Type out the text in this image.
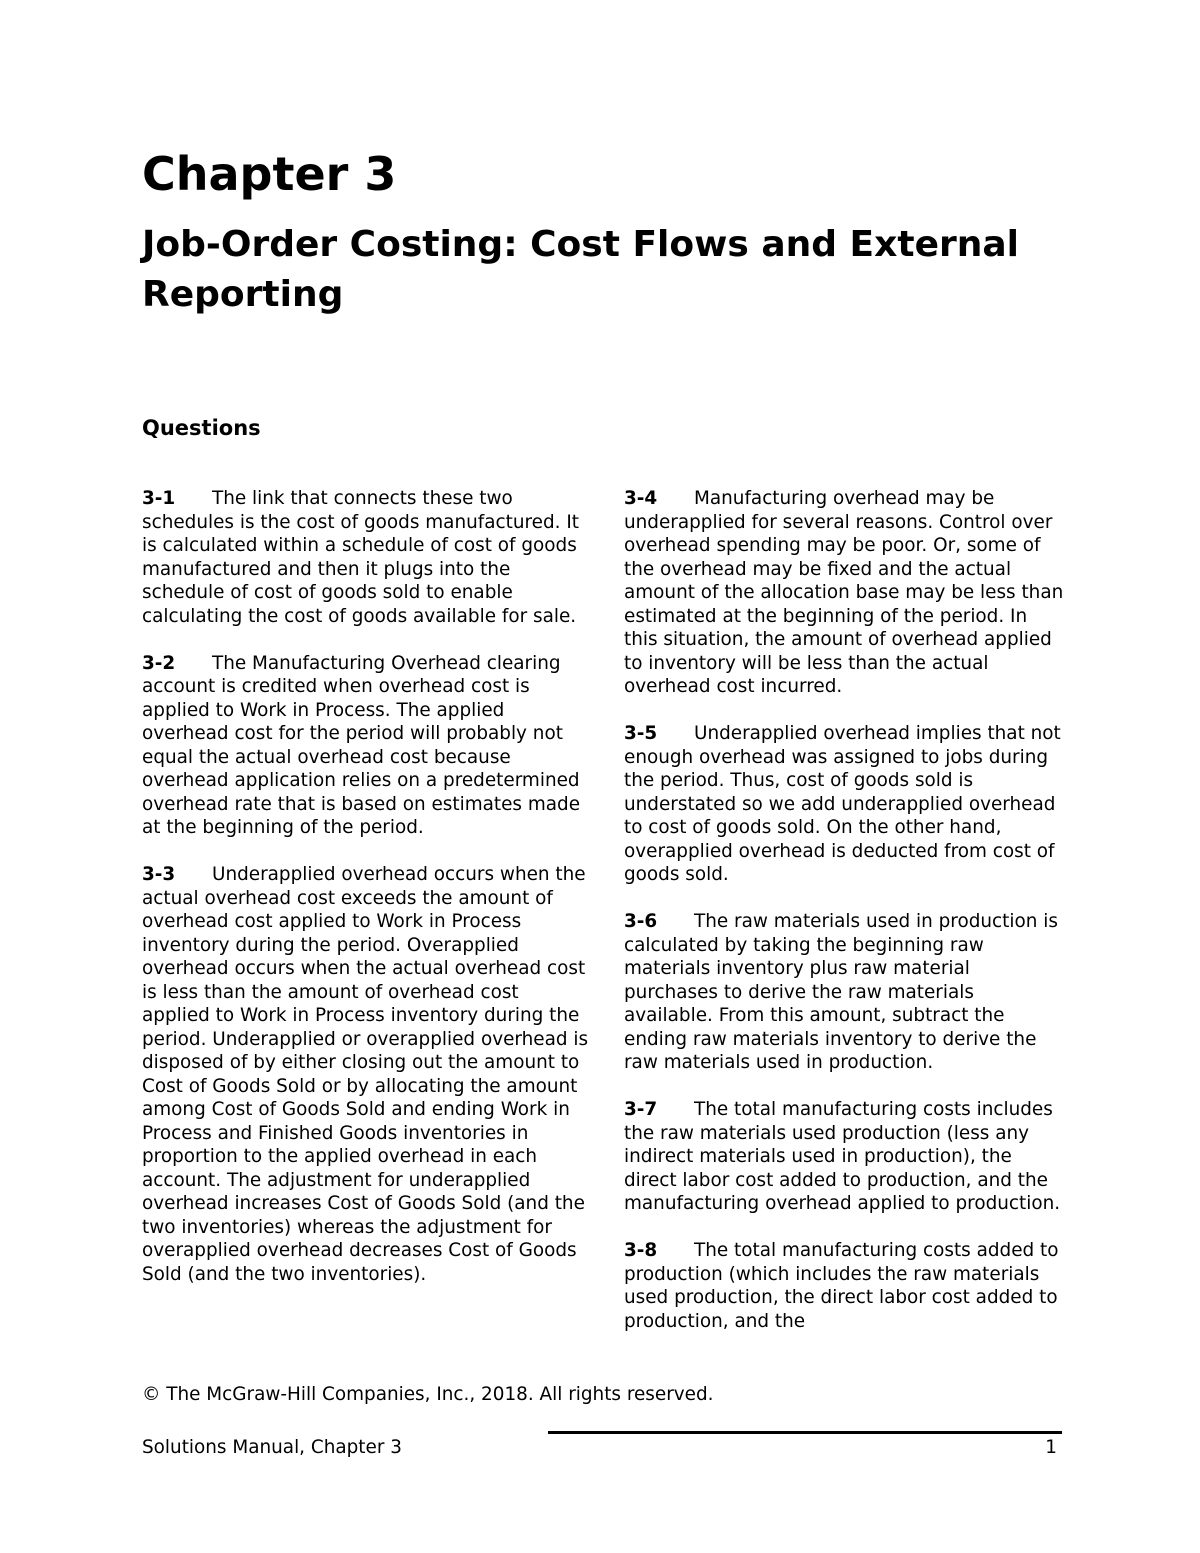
Chapter 3
Job-Order Costing: Cost Flows and External Reporting
Questions

3-1 The link that connects these two schedules is the cost of goods manufactured. It is calculated within a schedule of cost of goods manufactured and then it plugs into the schedule of cost of goods sold to enable calculating the cost of goods available for sale.

3-2 The Manufacturing Overhead clearing account is credited when overhead cost is applied to Work in Process. The applied overhead cost for the period will probably not equal the actual overhead cost because overhead application relies on a predetermined overhead rate that is based on estimates made at the beginning of the period.

3-3 Underapplied overhead occurs when the actual overhead cost exceeds the amount of overhead cost applied to Work in Process inventory during the period. Overapplied overhead occurs when the actual overhead cost is less than the amount of overhead cost applied to Work in Process inventory during the period. Underapplied or overapplied overhead is disposed of by either closing out the amount to Cost of Goods Sold or by allocating the amount among Cost of Goods Sold and ending Work in Process and Finished Goods inventories in proportion to the applied overhead in each account. The adjustment for underapplied overhead increases Cost of Goods Sold (and the two inventories) whereas the adjustment for overapplied overhead decreases Cost of Goods Sold (and the two inventories).

3-4 Manufacturing overhead may be underapplied for several reasons. Control over overhead spending may be poor. Or, some of the overhead may be fixed and the actual amount of the allocation base may be less than estimated at the beginning of the period. In this situation, the amount of overhead applied to inventory will be less than the actual overhead cost incurred.

3-5 Underapplied overhead implies that not enough overhead was assigned to jobs during the period. Thus, cost of goods sold is understated so we add underapplied overhead to cost of goods sold. On the other hand, overapplied overhead is deducted from cost of goods sold.

3-6 The raw materials used in production is calculated by taking the beginning raw materials inventory plus raw material purchases to derive the raw materials available. From this amount, subtract the ending raw materials inventory to derive the raw materials used in production.

3-7 The total manufacturing costs includes the raw materials used production (less any indirect materials used in production), the direct labor cost added to production, and the manufacturing overhead applied to production.

3-8 The total manufacturing costs added to production (which includes the raw materials used production, the direct labor cost added to production, and the

© The McGraw-Hill Companies, Inc., 2018. All rights reserved.
Solutions Manual, Chapter 3	1
